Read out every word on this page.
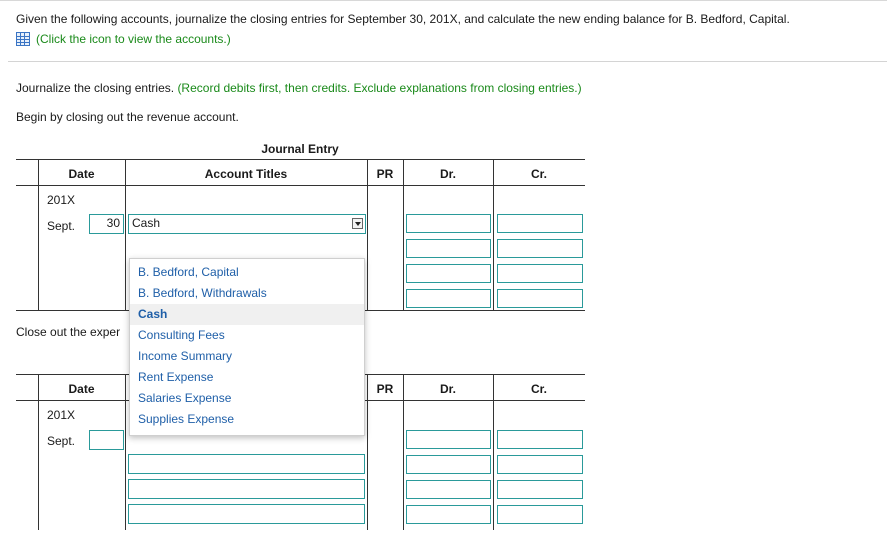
Given the following accounts, journalize the closing entries for September 30, 201X, and calculate the new ending balance for B. Bedford, Capital.
(Click the icon to view the accounts.)
Journalize the closing entries. (Record debits first, then credits. Exclude explanations from closing entries.)
Begin by closing out the revenue account.
Journal Entry
Date	Account Titles	PR	Dr.	Cr.
201X
Sept.	30	Cash
Close out the exper
Date	PR	Dr.	Cr.
201X
Sept.
B. Bedford, Capital
B. Bedford, Withdrawals
Cash
Consulting Fees
Income Summary
Rent Expense
Salaries Expense
Supplies Expense
